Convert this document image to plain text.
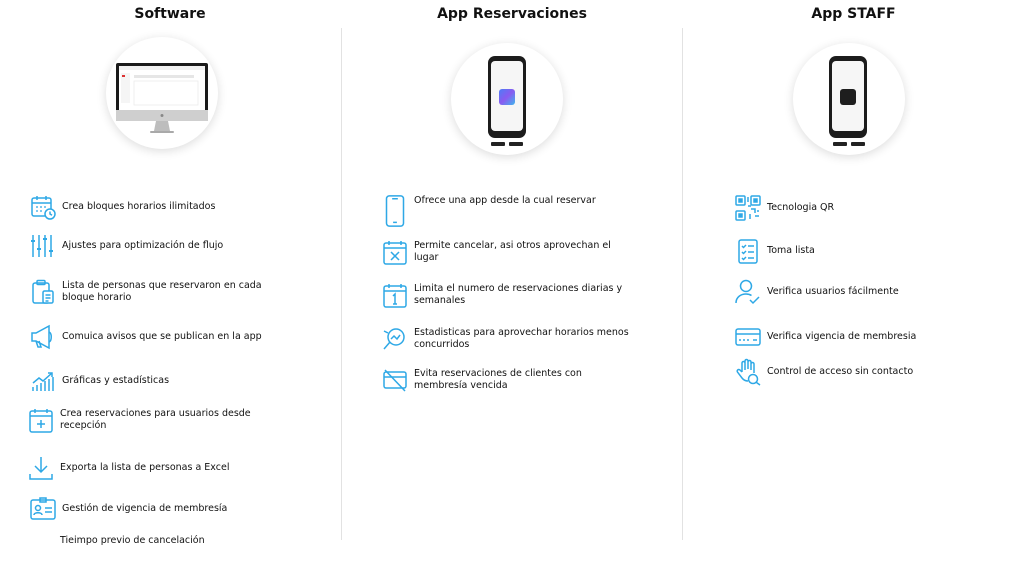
Software
Crea bloques horarios ilimitados
Ajustes para optimización de flujo
Lista de personas que reservaron en cada bloque horario
Comuica avisos que se publican en la app
Gráficas y estadísticas
Crea reservaciones para usuarios desde recepción
Exporta la lista de personas a Excel
Gestión de vigencia de membresía
Tieimpo previo de cancelación
App Reservaciones
Ofrece una app desde la cual reservar
Permite cancelar, asi otros aprovechan el lugar
Limita el numero de reservaciones diarias y semanales
Estadisticas para aprovechar horarios menos concurridos
Evita reservaciones de clientes con membresía vencida
App STAFF
Tecnologia QR
Toma lista
Verifica usuarios fácilmente
Verifica vigencia de membresia
Control de acceso sin contacto
